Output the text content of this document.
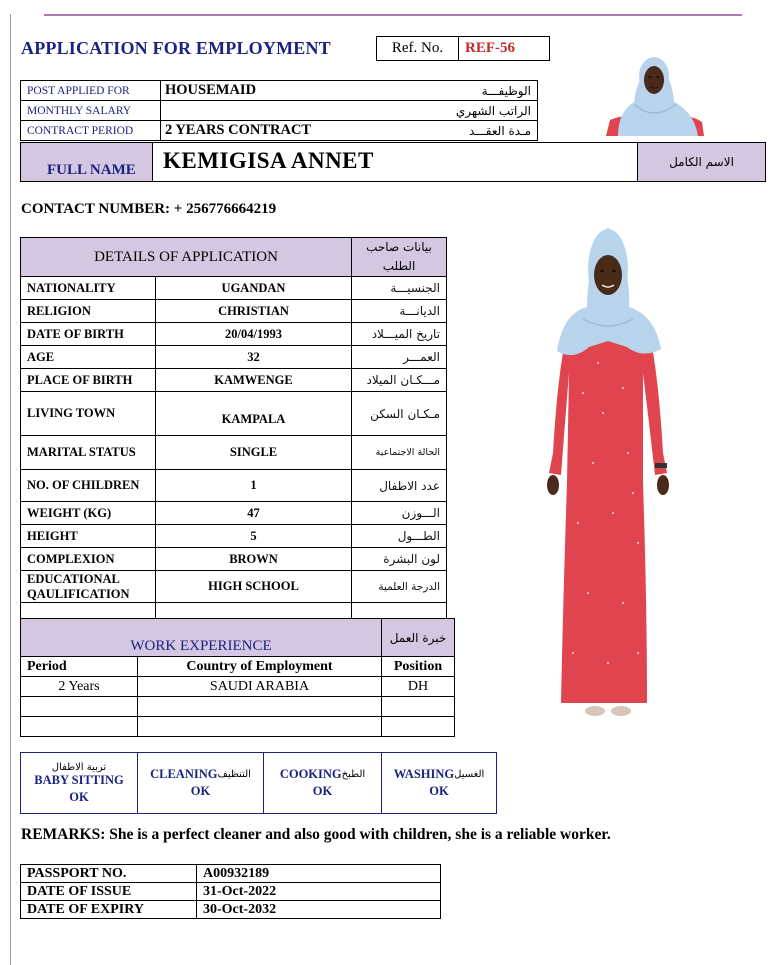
APPLICATION FOR EMPLOYMENT	Ref. No.	REF-56
POST APPLIED FOR	HOUSEMAID	الوظيفـــة
MONTHLY SALARY		الراتب الشهري
CONTRACT PERIOD	2 YEARS CONTRACT	مـدة العقـــد
FULL NAME KEMIGISA ANNET	الاسم الكامل
CONTACT NUMBER: + 256776664219
DETAILS OF APPLICATION		بيانات صاحب الطلب
NATIONALITY	UGANDAN	الجنسيـــة
RELIGION	CHRISTIAN	الديانـــة
DATE OF BIRTH	20/04/1993	تاريخ الميـــلاد
AGE	32	العمـــر
PLACE OF BIRTH	KAMWENGE	مـــكـان الميلاد
LIVING TOWN	KAMPALA	مـكـان السكن
MARITAL STATUS	SINGLE	الحالة الاجتماعية
NO. OF CHILDREN	1	عدد الاطفال
WEIGHT (KG)	47	الـــوزن
HEIGHT	5	الطـــول
COMPLEXION	BROWN	لون البشرة
EDUCATIONAL QAULIFICATION	HIGH SCHOOL	الدرجة العلمية

WORK EXPERIENCE		خبرة العمل
Period	Country of Employment	Position
2 Years	SAUDI ARABIA	DH

تربية الاطفال
BABY SITTING
OK
CLEANING التنظيف
OK
COOKING الطبخ
OK
WASHING الغسيل
OK
REMARKS: She is a perfect cleaner and also good with children, she is a reliable worker.
PASSPORT NO.	A00932189
DATE OF ISSUE	31-Oct-2022
DATE OF EXPIRY	30-Oct-2032
